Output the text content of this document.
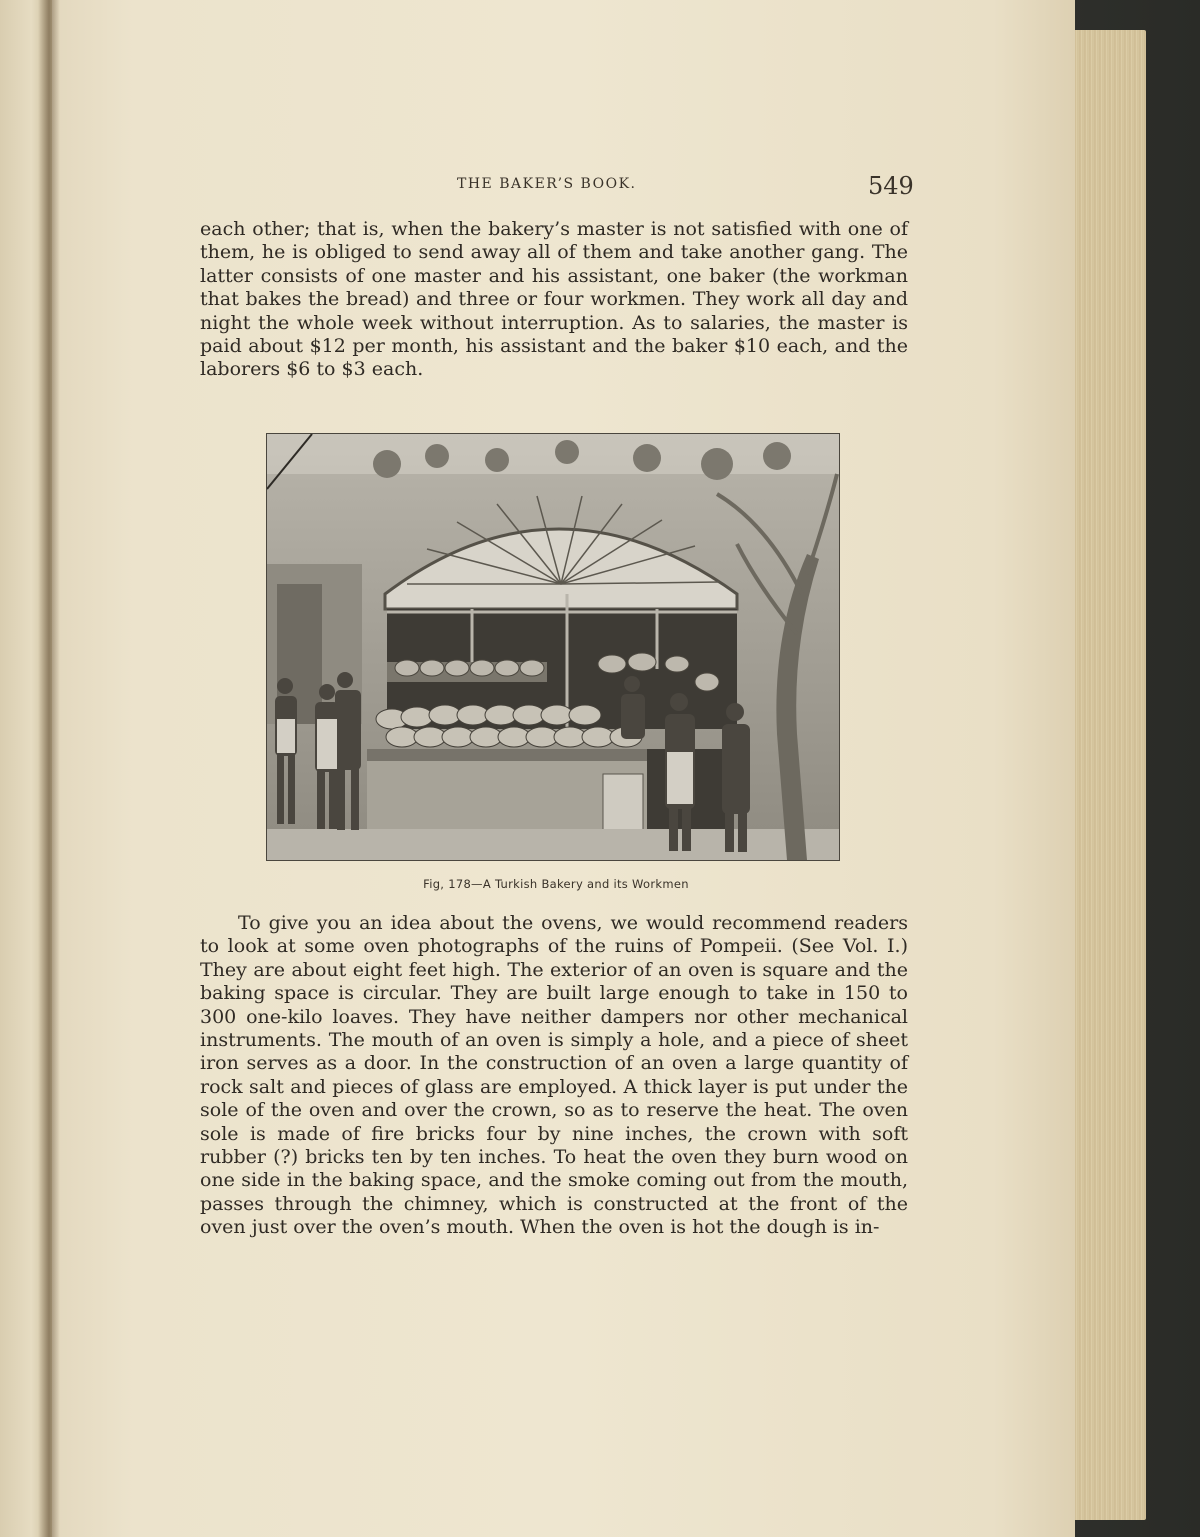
THE BAKER’S BOOK.	549

each other; that is, when the bakery’s master is not satisfied with one of them, he is obliged to send away all of them and take another gang. The latter consists of one master and his assistant, one baker (the workman that bakes the bread) and three or four workmen. They work all day and night the whole week without interruption. As to salaries, the master is paid about $12 per month, his assistant and the baker $10 each, and the laborers $6 to $3 each.

Fig, 178—A Turkish Bakery and its Workmen

To give you an idea about the ovens, we would recommend readers to look at some oven photographs of the ruins of Pompeii. (See Vol. I.) They are about eight feet high. The exterior of an oven is square and the baking space is circular. They are built large enough to take in 150 to 300 one-kilo loaves. They have neither dampers nor other mechanical instruments. The mouth of an oven is simply a hole, and a piece of sheet iron serves as a door. In the construction of an oven a large quantity of rock salt and pieces of glass are employed. A thick layer is put under the sole of the oven and over the crown, so as to reserve the heat. The oven sole is made of fire bricks four by nine inches, the crown with soft rubber (?) bricks ten by ten inches. To heat the oven they burn wood on one side in the baking space, and the smoke coming out from the mouth, passes through the chimney, which is constructed at the front of the oven just over the oven’s mouth. When the oven is hot the dough is in-
